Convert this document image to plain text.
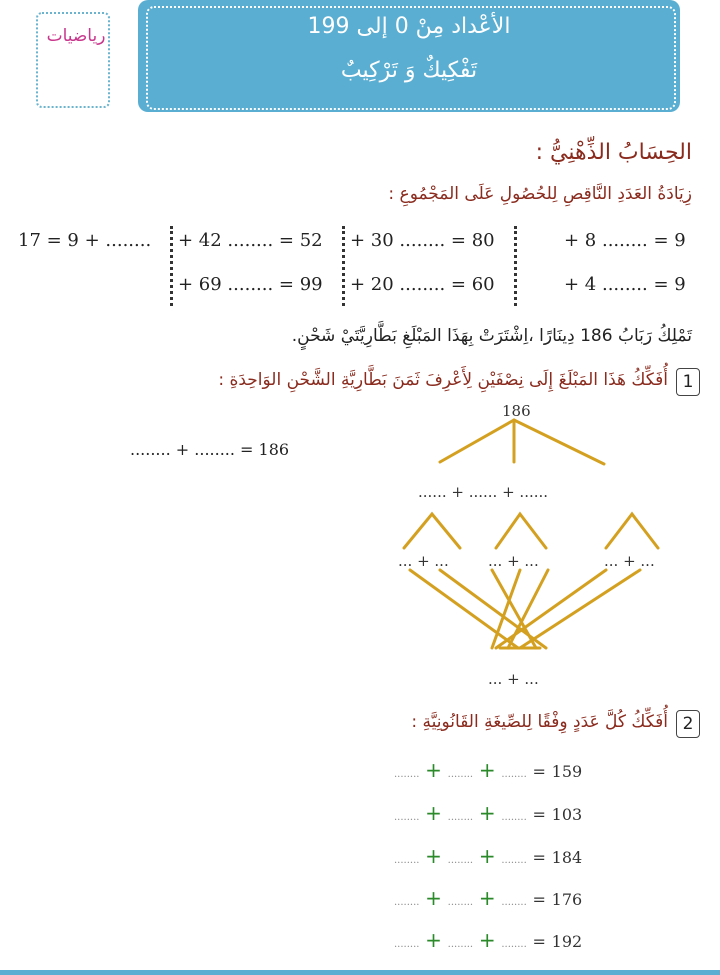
رياضيات	الأعْداد مِنْ 0 إلى 199
تَفْكِيكٌ وَ تَرْكِيبٌ
الحِسَابُ الذِّهْنِيُّ :
زِيَادَةُ العَدَدِ النَّاقِصِ لِلحُصُولِ عَلَى المَجْمُوعِ :
+ 8 ........ = 9
+ 4 ........ = 9
+ 30 ........ = 80
+ 20 ........ = 60
+ 42 ........ = 52
+ 69 ........ = 99
17 = 9 + ........
تَمْلِكُ رَبَابُ 186 دِينَارًا ،اِشْتَرَتْ بِهَذَا المَبْلَغِ بَطَّارِيَّتَيْ شَحْنٍ.
1
أُفَكِّكُ هَذَا المَبْلَغَ إِلَى نِصْفَيْنِ لِأَعْرِفَ ثَمَنَ بَطَّارِيَّةِ الشَّحْنِ الوَاحِدَةِ :
........ + ........ = 186
186
...... + ...... + ......
... + ...	... + ...	... + ...
... + ...
2
أُفَكِّكُ كُلَّ عَدَدٍ وِفْقًا لِلصِّيغَةِ القَانُونِيَّةِ :
........ + ........ + ........ = 159
........ + ........ + ........ = 103
........ + ........ + ........ = 184
........ + ........ + ........ = 176
........ + ........ + ........ = 192
